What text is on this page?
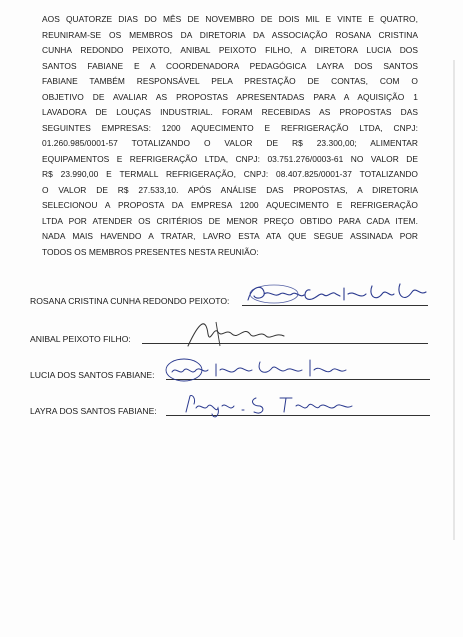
AOS QUATORZE DIAS DO MÊS DE NOVEMBRO DE DOIS MIL E VINTE E QUATRO,
REUNIRAM-SE OS MEMBROS DA DIRETORIA DA ASSOCIAÇÃO ROSANA CRISTINA
CUNHA REDONDO PEIXOTO, ANIBAL PEIXOTO FILHO, A DIRETORA LUCIA DOS
SANTOS FABIANE E A COORDENADORA PEDAGÓGICA LAYRA DOS SANTOS
FABIANE TAMBÉM RESPONSÁVEL PELA PRESTAÇÃO DE CONTAS, COM O
OBJETIVO DE AVALIAR AS PROPOSTAS APRESENTADAS PARA A AQUISIÇÃO 1
LAVADORA DE LOUÇAS INDUSTRIAL. FORAM RECEBIDAS AS PROPOSTAS DAS
SEGUINTES EMPRESAS: 1200 AQUECIMENTO E REFRIGERAÇÃO LTDA, CNPJ:
01.260.985/0001-57 TOTALIZANDO O VALOR DE R$ 23.300,00; ALIMENTAR
EQUIPAMENTOS E REFRIGERAÇÃO LTDA, CNPJ: 03.751.276/0003-61 NO VALOR DE
R$ 23.990,00 E TERMALL REFRIGERAÇÃO, CNPJ: 08.407.825/0001-37 TOTALIZANDO
O VALOR DE R$ 27.533,10. APÓS ANÁLISE DAS PROPOSTAS, A DIRETORIA
SELECIONOU A PROPOSTA DA EMPRESA 1200 AQUECIMENTO E REFRIGERAÇÃO
LTDA POR ATENDER OS CRITÉRIOS DE MENOR PREÇO OBTIDO PARA CADA ITEM.
NADA MAIS HAVENDO A TRATAR, LAVRO ESTA ATA QUE SEGUE ASSINADA POR
TODOS OS MEMBROS PRESENTES NESTA REUNIÃO:
ROSANA CRISTINA CUNHA REDONDO PEIXOTO:
ANIBAL PEIXOTO FILHO:
LUCIA DOS SANTOS FABIANE:
LAYRA DOS SANTOS FABIANE:
